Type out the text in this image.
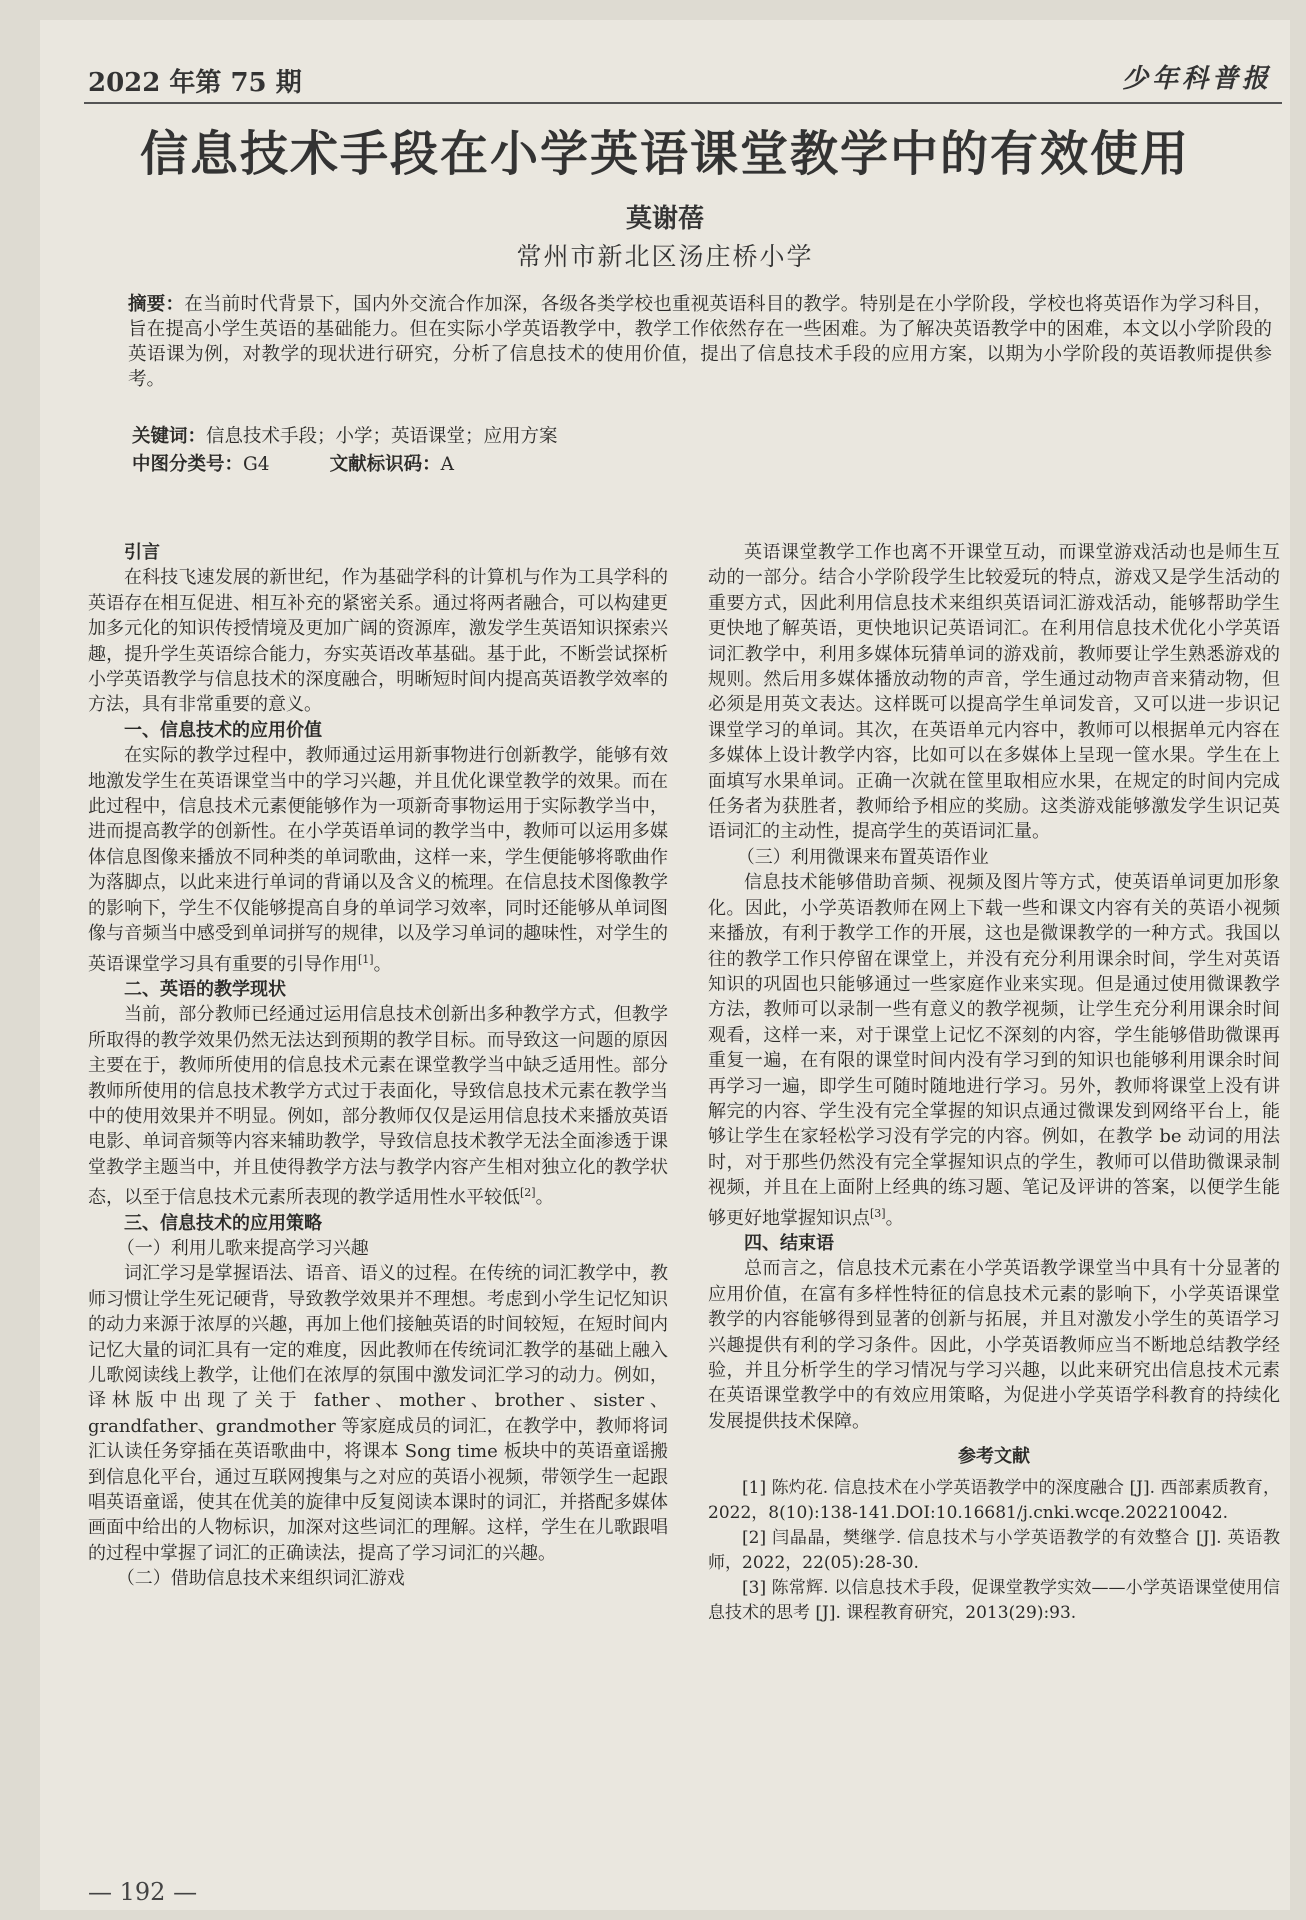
2022 年第 75 期	少年科普报
信息技术手段在小学英语课堂教学中的有效使用
莫谢蓓
常州市新北区汤庄桥小学
摘要：在当前时代背景下，国内外交流合作加深，各级各类学校也重视英语科目的教学。特别是在小学阶段，学校也将英语作为学习科目，旨在提高小学生英语的基础能力。但在实际小学英语教学中，教学工作依然存在一些困难。为了解决英语教学中的困难，本文以小学阶段的英语课为例，对教学的现状进行研究，分析了信息技术的使用价值，提出了信息技术手段的应用方案，以期为小学阶段的英语教师提供参考。
关键词：信息技术手段；小学；英语课堂；应用方案
中图分类号：G4	文献标识码：A

引言

在科技飞速发展的新世纪，作为基础学科的计算机与作为工具学科的英语存在相互促进、相互补充的紧密关系。通过将两者融合，可以构建更加多元化的知识传授情境及更加广阔的资源库，激发学生英语知识探索兴趣，提升学生英语综合能力，夯实英语改革基础。基于此，不断尝试探析小学英语教学与信息技术的深度融合，明晰短时间内提高英语教学效率的方法，具有非常重要的意义。

一、信息技术的应用价值

在实际的教学过程中，教师通过运用新事物进行创新教学，能够有效地激发学生在英语课堂当中的学习兴趣，并且优化课堂教学的效果。而在此过程中，信息技术元素便能够作为一项新奇事物运用于实际教学当中，进而提高教学的创新性。在小学英语单词的教学当中，教师可以运用多媒体信息图像来播放不同种类的单词歌曲，这样一来，学生便能够将歌曲作为落脚点，以此来进行单词的背诵以及含义的梳理。在信息技术图像教学的影响下，学生不仅能够提高自身的单词学习效率，同时还能够从单词图像与音频当中感受到单词拼写的规律，以及学习单词的趣味性，对学生的英语课堂学习具有重要的引导作用[1]。

二、英语的教学现状

当前，部分教师已经通过运用信息技术创新出多种教学方式，但教学所取得的教学效果仍然无法达到预期的教学目标。而导致这一问题的原因主要在于，教师所使用的信息技术元素在课堂教学当中缺乏适用性。部分教师所使用的信息技术教学方式过于表面化，导致信息技术元素在教学当中的使用效果并不明显。例如，部分教师仅仅是运用信息技术来播放英语电影、单词音频等内容来辅助教学，导致信息技术教学无法全面渗透于课堂教学主题当中，并且使得教学方法与教学内容产生相对独立化的教学状态，以至于信息技术元素所表现的教学适用性水平较低[2]。

三、信息技术的应用策略

（一）利用儿歌来提高学习兴趣

词汇学习是掌握语法、语音、语义的过程。在传统的词汇教学中，教师习惯让学生死记硬背，导致教学效果并不理想。考虑到小学生记忆知识的动力来源于浓厚的兴趣，再加上他们接触英语的时间较短，在短时间内记忆大量的词汇具有一定的难度，因此教师在传统词汇教学的基础上融入儿歌阅读线上教学，让他们在浓厚的氛围中激发词汇学习的动力。例如，译林版中出现了关于 father、mother、brother、sister、grandfather、grandmother 等家庭成员的词汇，在教学中，教师将词汇认读任务穿插在英语歌曲中，将课本 Song time 板块中的英语童谣搬到信息化平台，通过互联网搜集与之对应的英语小视频，带领学生一起跟唱英语童谣，使其在优美的旋律中反复阅读本课时的词汇，并搭配多媒体画面中给出的人物标识，加深对这些词汇的理解。这样，学生在儿歌跟唱的过程中掌握了词汇的正确读法，提高了学习词汇的兴趣。

（二）借助信息技术来组织词汇游戏

英语课堂教学工作也离不开课堂互动，而课堂游戏活动也是师生互动的一部分。结合小学阶段学生比较爱玩的特点，游戏又是学生活动的重要方式，因此利用信息技术来组织英语词汇游戏活动，能够帮助学生更快地了解英语，更快地识记英语词汇。在利用信息技术优化小学英语词汇教学中，利用多媒体玩猜单词的游戏前，教师要让学生熟悉游戏的规则。然后用多媒体播放动物的声音，学生通过动物声音来猜动物，但必须是用英文表达。这样既可以提高学生单词发音，又可以进一步识记课堂学习的单词。其次，在英语单元内容中，教师可以根据单元内容在多媒体上设计教学内容，比如可以在多媒体上呈现一筐水果。学生在上面填写水果单词。正确一次就在筐里取相应水果，在规定的时间内完成任务者为获胜者，教师给予相应的奖励。这类游戏能够激发学生识记英语词汇的主动性，提高学生的英语词汇量。

（三）利用微课来布置英语作业

信息技术能够借助音频、视频及图片等方式，使英语单词更加形象化。因此，小学英语教师在网上下载一些和课文内容有关的英语小视频来播放，有利于教学工作的开展，这也是微课教学的一种方式。我国以往的教学工作只停留在课堂上，并没有充分利用课余时间，学生对英语知识的巩固也只能够通过一些家庭作业来实现。但是通过使用微课教学方法，教师可以录制一些有意义的教学视频，让学生充分利用课余时间观看，这样一来，对于课堂上记忆不深刻的内容，学生能够借助微课再重复一遍，在有限的课堂时间内没有学习到的知识也能够利用课余时间再学习一遍，即学生可随时随地进行学习。另外，教师将课堂上没有讲解完的内容、学生没有完全掌握的知识点通过微课发到网络平台上，能够让学生在家轻松学习没有学完的内容。例如，在教学 be 动词的用法时，对于那些仍然没有完全掌握知识点的学生，教师可以借助微课录制视频，并且在上面附上经典的练习题、笔记及评讲的答案，以便学生能够更好地掌握知识点[3]。

四、结束语

总而言之，信息技术元素在小学英语教学课堂当中具有十分显著的应用价值，在富有多样性特征的信息技术元素的影响下，小学英语课堂教学的内容能够得到显著的创新与拓展，并且对激发小学生的英语学习兴趣提供有利的学习条件。因此，小学英语教师应当不断地总结教学经验，并且分析学生的学习情况与学习兴趣，以此来研究出信息技术元素在英语课堂教学中的有效应用策略，为促进小学英语学科教育的持续化发展提供技术保障。

参考文献

[1] 陈灼花. 信息技术在小学英语教学中的深度融合 [J]. 西部素质教育，2022，8(10):138-141.DOI:10.16681/j.cnki.wcqe.202210042.

[2] 闫晶晶，樊继学. 信息技术与小学英语教学的有效整合 [J]. 英语教师，2022，22(05):28-30.

[3] 陈常辉. 以信息技术手段，促课堂教学实效——小学英语课堂使用信息技术的思考 [J]. 课程教育研究，2013(29):93.

— 192 —
